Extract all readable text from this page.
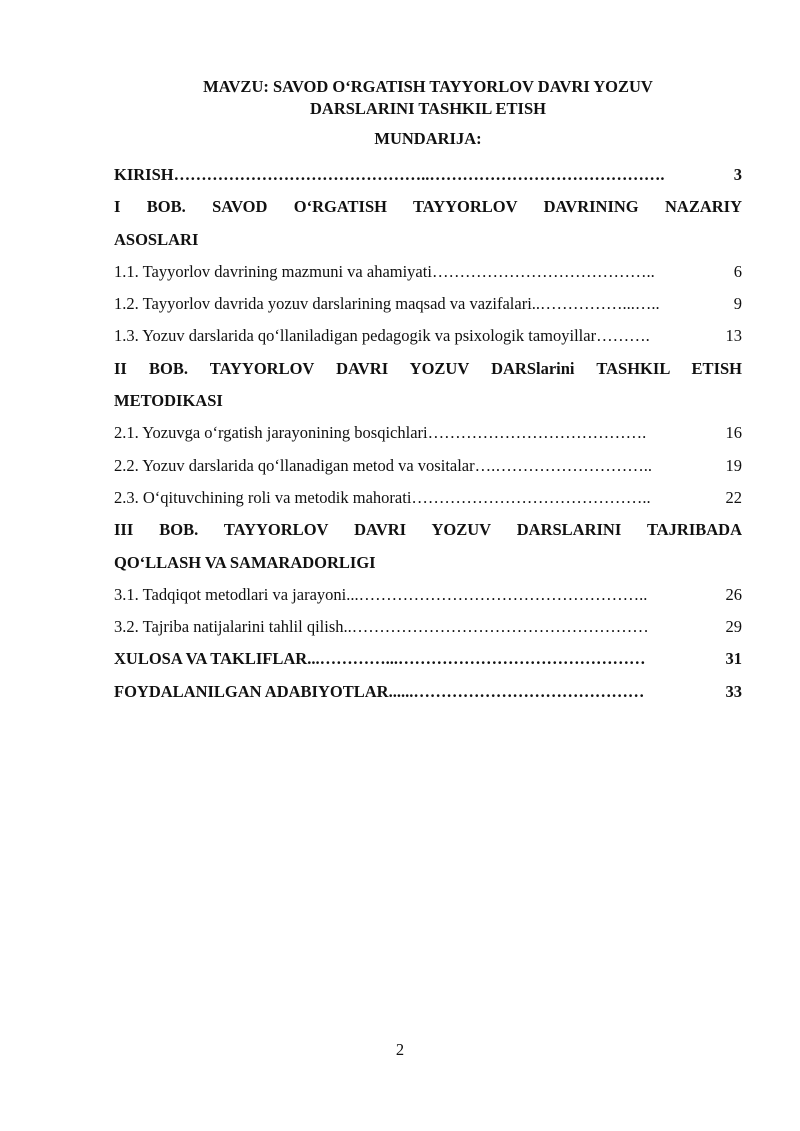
MAVZU: SAVOD O‘RGATISH TAYYORLOV DAVRI YOZUV
DARSLARINI TASHKIL ETISH

MUNDARIJA:

KIRISH ………………………………………..…………………………………….	3
I BOB. SAVOD O‘RGATISH TAYYORLOV DAVRINING NAZARIY
ASOSLARI
1.1. Tayyorlov davrining mazmuni va ahamiyati …………………………………..	6
1.2. Tayyorlov davrida yozuv darslarining maqsad va vazifalari ..……………...…..	9
1.3. Yozuv darslarida qo‘llaniladigan pedagogik va psixologik tamoyillar ……….	13
II BOB. TAYYORLOV DAVRI YOZUV DARSlarini TASHKIL ETISH
METODIKASI
2.1. Yozuvga o‘rgatish jarayonining bosqichlari ………………………………….	16
2.2. Yozuv darslarida qo‘llanadigan metod va vositalar ….………………………..	19
2.3. O‘qituvchining roli va metodik mahorati ……………………………………..	22
III BOB. TAYYORLOV DAVRI YOZUV DARSLARINI TAJRIBADA
QO‘LLASH VA SAMARADORLIGI
3.1. Tadqiqot metodlari va jarayoni ...……………………………………………..	26
3.2. Tajriba natijalarini tahlil qilish ..………………………………………………	29
XULOSA VA TAKLIFLAR ...…………...………………………………………	31
FOYDALANILGAN ADABIYOTLAR ......……………………………………	33
2
